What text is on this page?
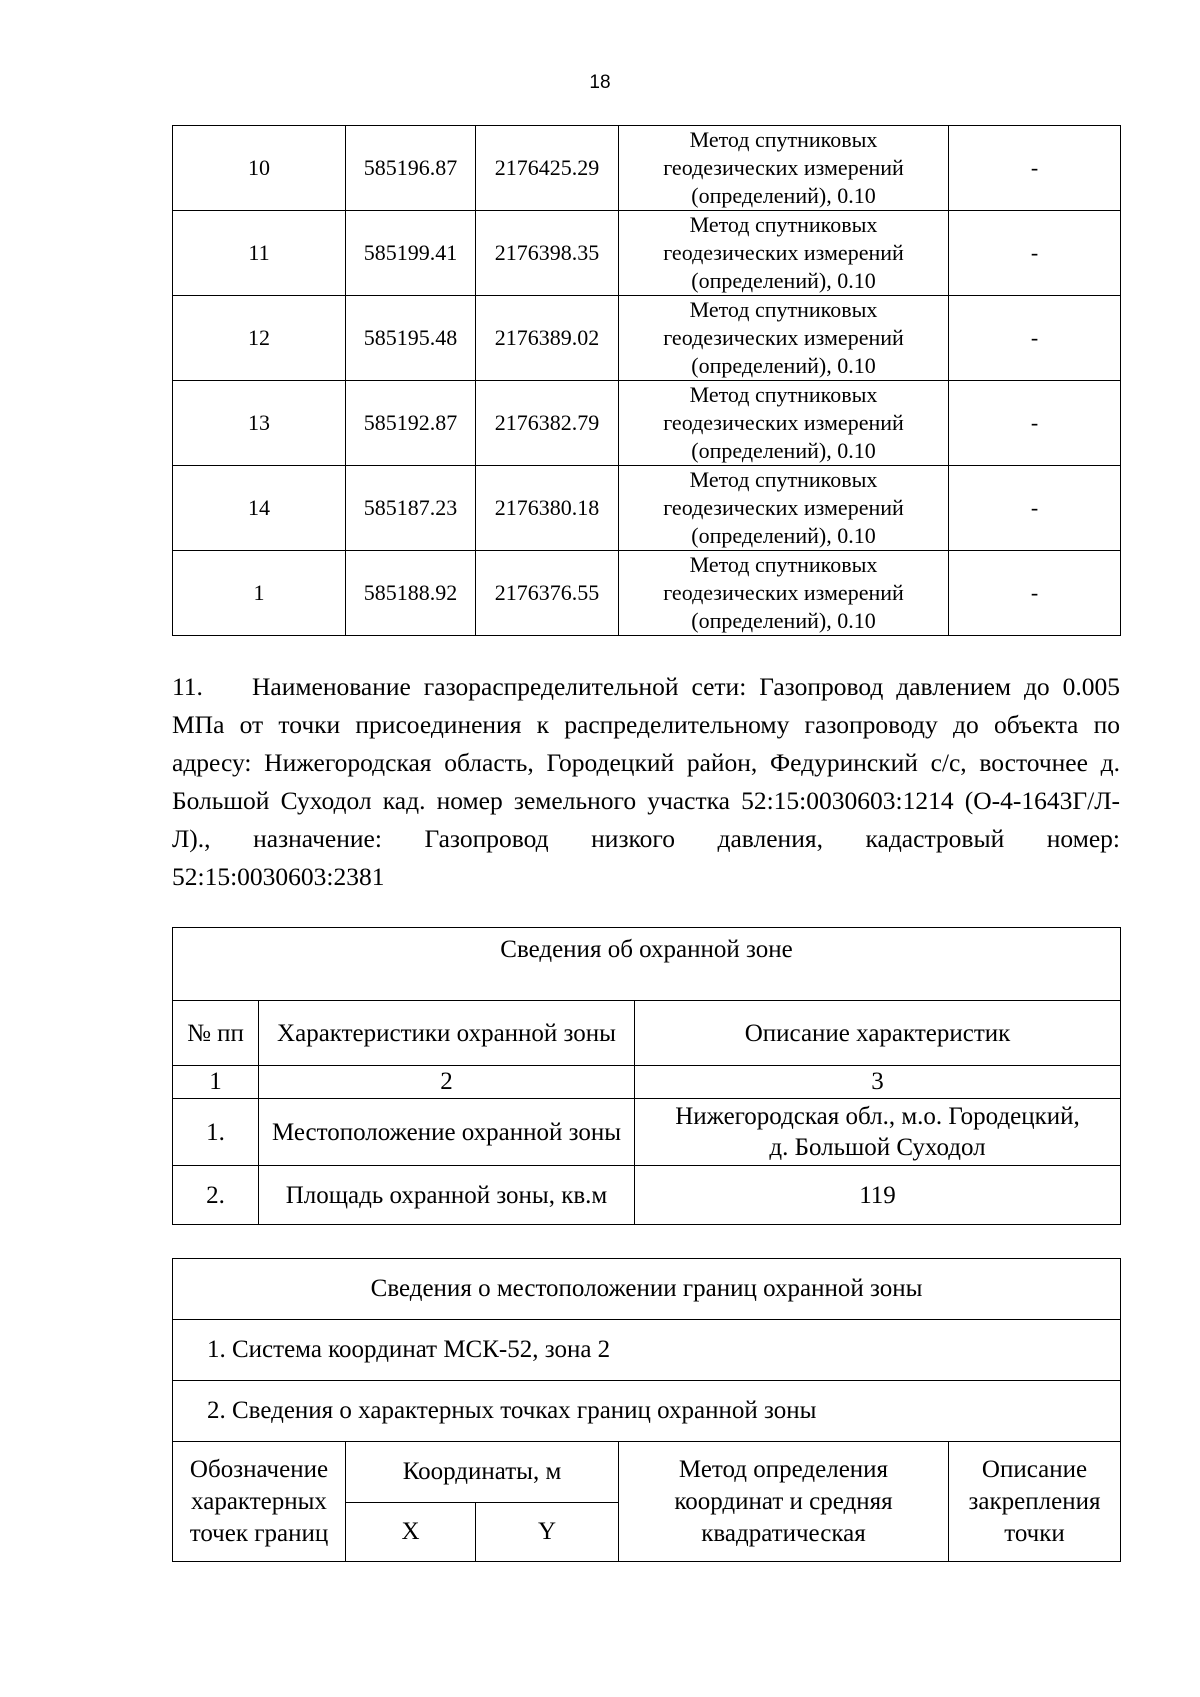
18
10	585196.87	2176425.29	Метод спутниковых
геодезических измерений
(определений), 0.10	-
11	585199.41	2176398.35	Метод спутниковых
геодезических измерений
(определений), 0.10	-
12	585195.48	2176389.02	Метод спутниковых
геодезических измерений
(определений), 0.10	-
13	585192.87	2176382.79	Метод спутниковых
геодезических измерений
(определений), 0.10	-
14	585187.23	2176380.18	Метод спутниковых
геодезических измерений
(определений), 0.10	-
1	585188.92	2176376.55	Метод спутниковых
геодезических измерений
(определений), 0.10	-

11. Наименование газораспределительной сети: Газопровод давлением до 0.005 МПа от точки присоединения к распределительному газопроводу до объекта по адресу: Нижегородская область, Городецкий район, Федуринский с/с, восточнее д. Большой Суходол кад. номер земельного участка 52:15:0030603:1214 (О-4-1643Г/Л-Л)., назначение: Газопровод низкого давления, кадастровый номер: 52:15:0030603:2381

Сведения об охранной зоне		
№ пп	Характеристики охранной зоны	Описание характеристик
1	2	3
1.	Местоположение охранной зоны	Нижегородская обл., м.о. Городецкий,
д. Большой Суходол
2.	Площадь охранной зоны, кв.м	119
Сведения о местоположении границ охранной зоны				
1. Система координат МСК-52, зона 2				
2. Сведения о характерных точках границ охранной зоны				
Обозначение характерных точек границ	Координаты, м		Метод определения координат и средняя квадратическая	Описание закрепления точки
	X	Y		
